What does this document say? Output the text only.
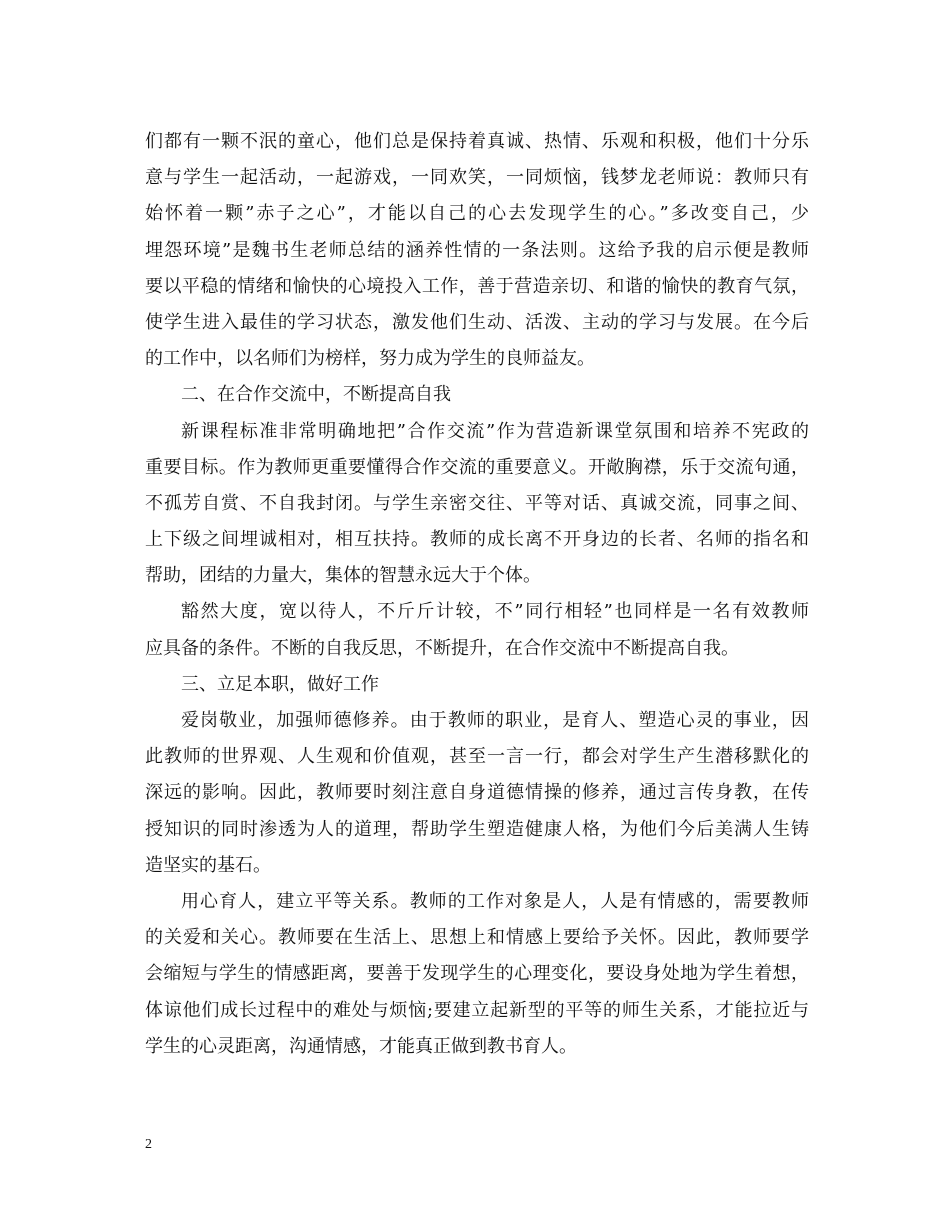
们都有一颗不泯的童心，他们总是保持着真诚、热情、乐观和积极，他们十分乐
意与学生一起活动，一起游戏，一同欢笑，一同烦恼，钱梦龙老师说：教师只有
始怀着一颗”赤子之心”，才能以自己的心去发现学生的心。”多改变自己，少
埋怨环境”是魏书生老师总结的涵养性情的一条法则。这给予我的启示便是教师
要以平稳的情绪和愉快的心境投入工作，善于营造亲切、和谐的愉快的教育气氛，
使学生进入最佳的学习状态，激发他们生动、活泼、主动的学习与发展。在今后
的工作中，以名师们为榜样，努力成为学生的良师益友。
二、在合作交流中，不断提高自我
新课程标准非常明确地把”合作交流”作为营造新课堂氛围和培养不宪政的
重要目标。作为教师更重要懂得合作交流的重要意义。开敞胸襟，乐于交流句通，
不孤芳自赏、不自我封闭。与学生亲密交往、平等对话、真诚交流，同事之间、
上下级之间埋诚相对，相互扶持。教师的成长离不开身边的长者、名师的指名和
帮助，团结的力量大，集体的智慧永远大于个体。
豁然大度，宽以待人，不斤斤计较，不”同行相轻”也同样是一名有效教师
应具备的条件。不断的自我反思，不断提升，在合作交流中不断提高自我。
三、立足本职，做好工作
爱岗敬业，加强师德修养。由于教师的职业，是育人、塑造心灵的事业，因
此教师的世界观、人生观和价值观，甚至一言一行，都会对学生产生潜移默化的
深远的影响。因此，教师要时刻注意自身道德情操的修养，通过言传身教，在传
授知识的同时渗透为人的道理，帮助学生塑造健康人格，为他们今后美满人生铸
造坚实的基石。
用心育人，建立平等关系。教师的工作对象是人，人是有情感的，需要教师
的关爱和关心。教师要在生活上、思想上和情感上要给予关怀。因此，教师要学
会缩短与学生的情感距离，要善于发现学生的心理变化，要设身处地为学生着想，
体谅他们成长过程中的难处与烦恼;要建立起新型的平等的师生关系，才能拉近与
学生的心灵距离，沟通情感，才能真正做到教书育人。
2
